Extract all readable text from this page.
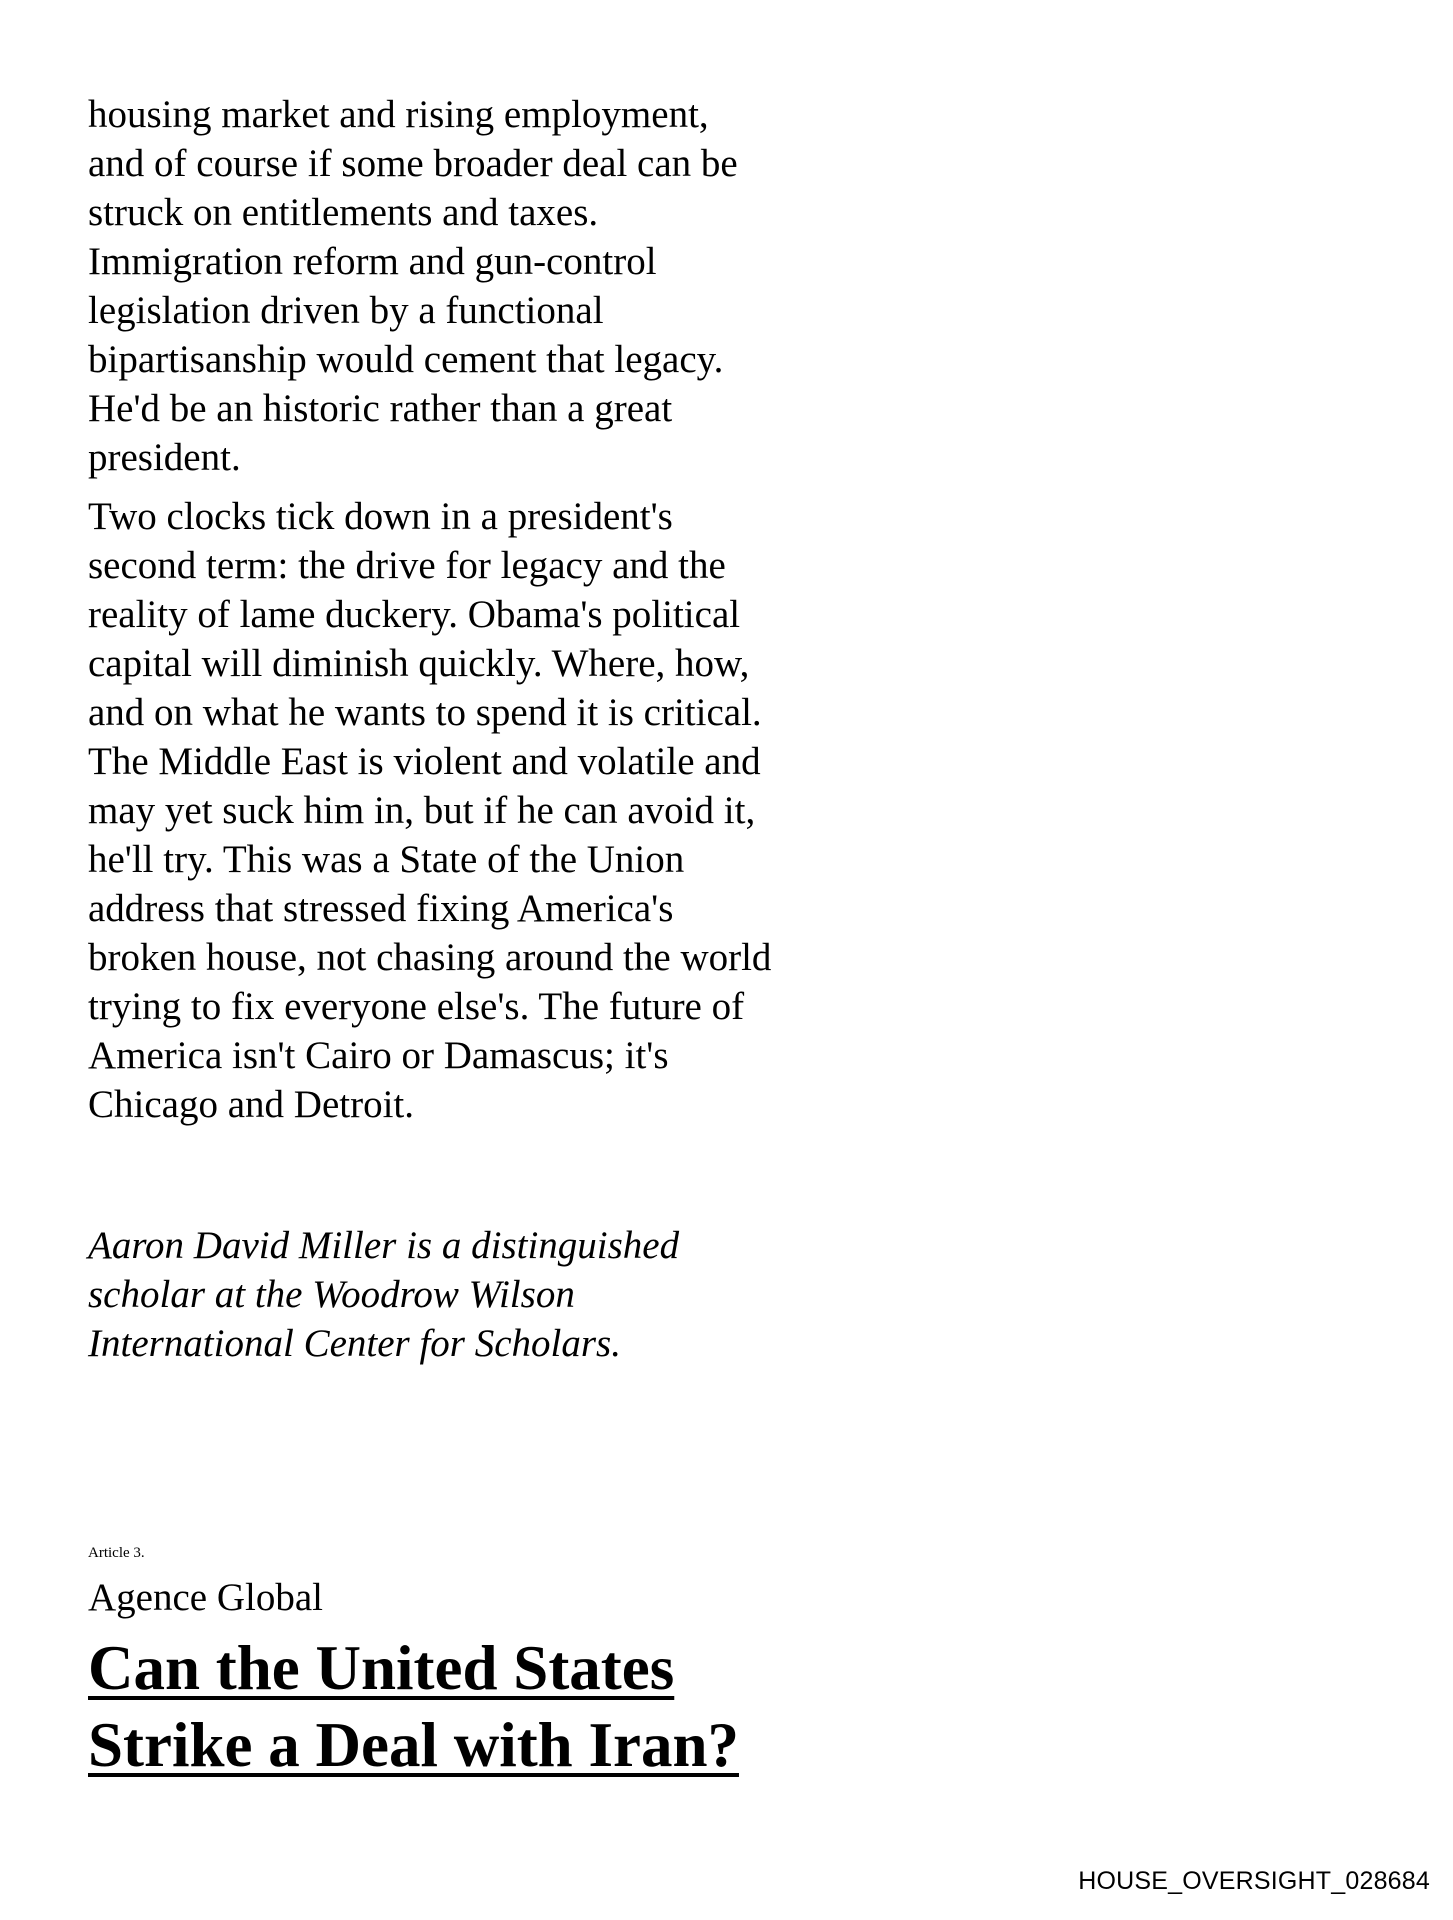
housing market and rising employment,
and of course if some broader deal can be
struck on entitlements and taxes.
Immigration reform and gun-control
legislation driven by a functional
bipartisanship would cement that legacy.
He'd be an historic rather than a great
president.

Two clocks tick down in a president's
second term: the drive for legacy and the
reality of lame duckery. Obama's political
capital will diminish quickly. Where, how,
and on what he wants to spend it is critical.
The Middle East is violent and volatile and
may yet suck him in, but if he can avoid it,
he'll try. This was a State of the Union
address that stressed fixing America's
broken house, not chasing around the world
trying to fix everyone else's. The future of
America isn't Cairo or Damascus; it's
Chicago and Detroit.

Aaron David Miller is a distinguished
scholar at the Woodrow Wilson
International Center for Scholars.

Article 3.
Agence Global
Can the United States
Strike a Deal with Iran?
HOUSE_OVERSIGHT_028684
